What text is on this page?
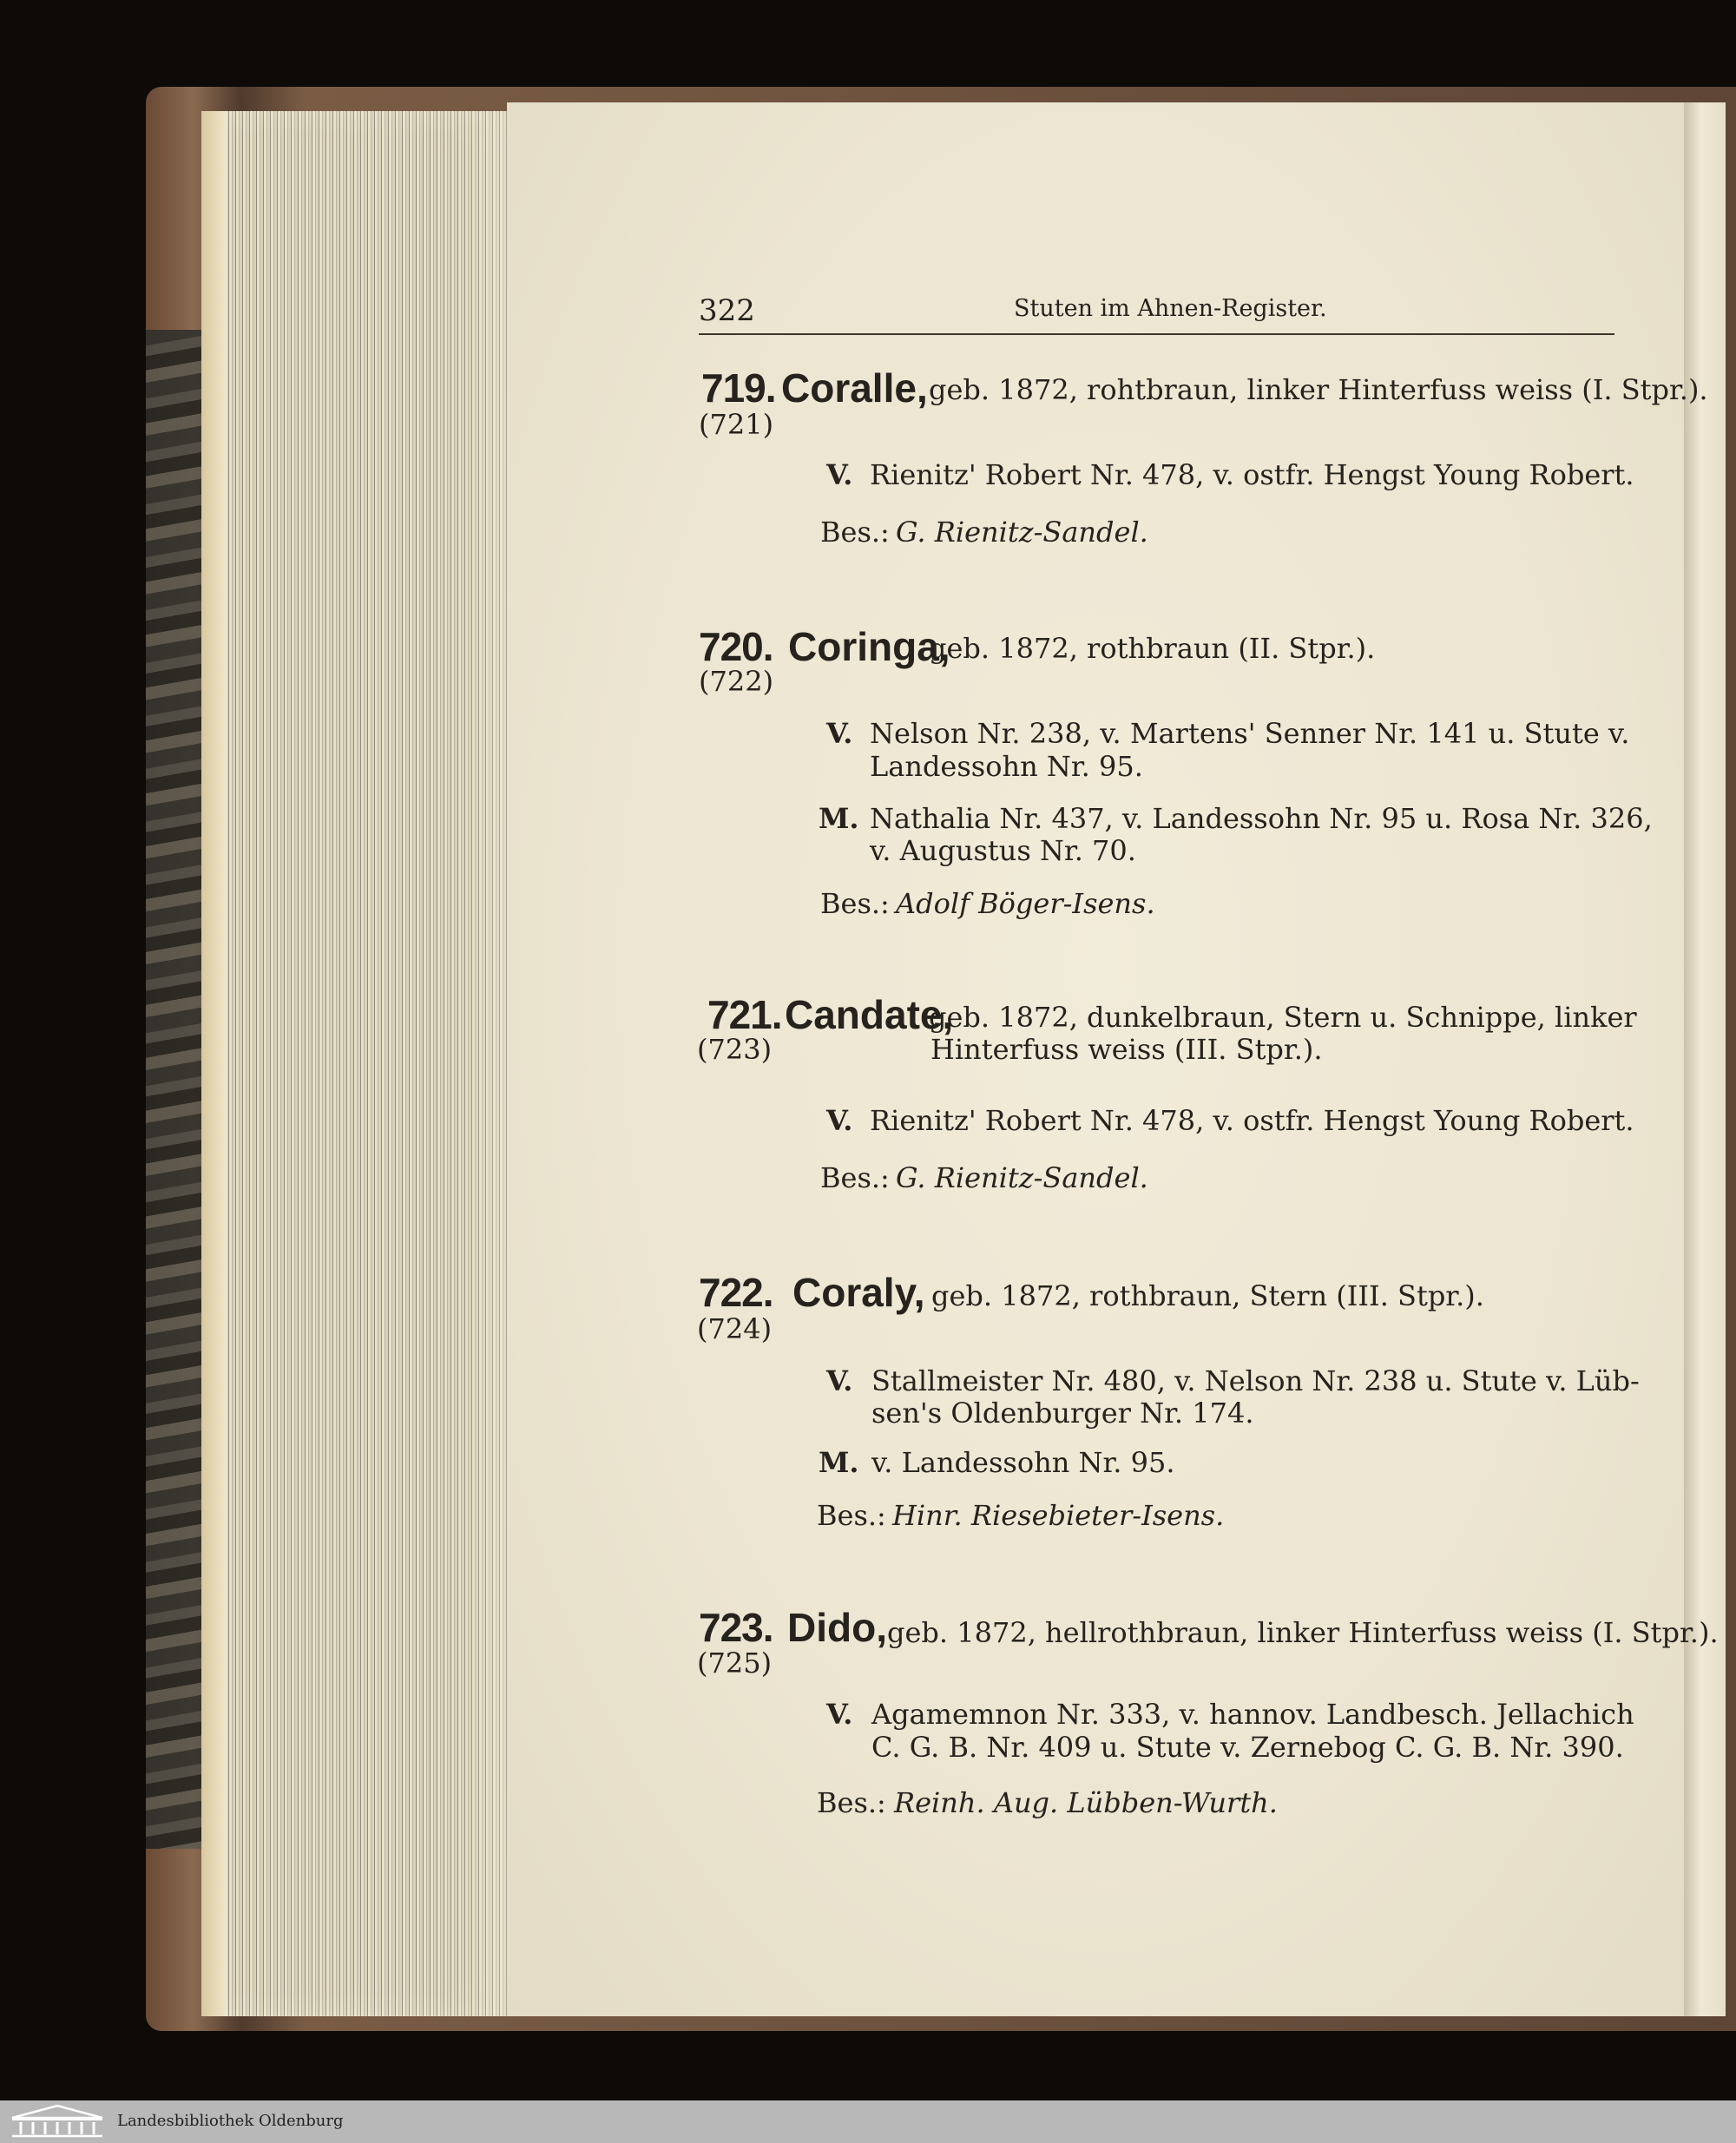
322	Stuten im Ahnen-Register.
719. Coralle, geb. 1872, rohtbraun, linker Hinterfuss weiss (I. Stpr.).
(721)
V. Rienitz' Robert Nr. 478, v. ostfr. Hengst Young Robert.
Bes.: G. Rienitz-Sandel.
720. Coringa,
geb. 1872, rothbraun (II. Stpr.).
(722)
V. Nelson Nr. 238, v. Martens' Senner Nr. 141 u. Stute v.
Landessohn Nr. 95.
M. Nathalia Nr. 437, v. Landessohn Nr. 95 u. Rosa Nr. 326,
v. Augustus Nr. 70.
Bes.: Adolf Böger-Isens.
721. Candate,
geb. 1872, dunkelbraun, Stern u. Schnippe, linker
Hinterfuss weiss (III. Stpr.).
(723)
V. Rienitz' Robert Nr. 478, v. ostfr. Hengst Young Robert.
Bes.: G. Rienitz-Sandel.
722. Coraly, geb. 1872, rothbraun, Stern (III. Stpr.).
(724)
V. Stallmeister Nr. 480, v. Nelson Nr. 238 u. Stute v. Lüb-
sen's Oldenburger Nr. 174.
M. v. Landessohn Nr. 95.
Bes.: Hinr. Riesebieter-Isens.
723. Dido, geb. 1872, hellrothbraun, linker Hinterfuss weiss (I. Stpr.).
(725)
V. Agamemnon Nr. 333, v. hannov. Landbesch. Jellachich
C. G. B. Nr. 409 u. Stute v. Zernebog C. G. B. Nr. 390.
Bes.: Reinh. Aug. Lübben-Wurth.
Landesbibliothek Oldenburg
